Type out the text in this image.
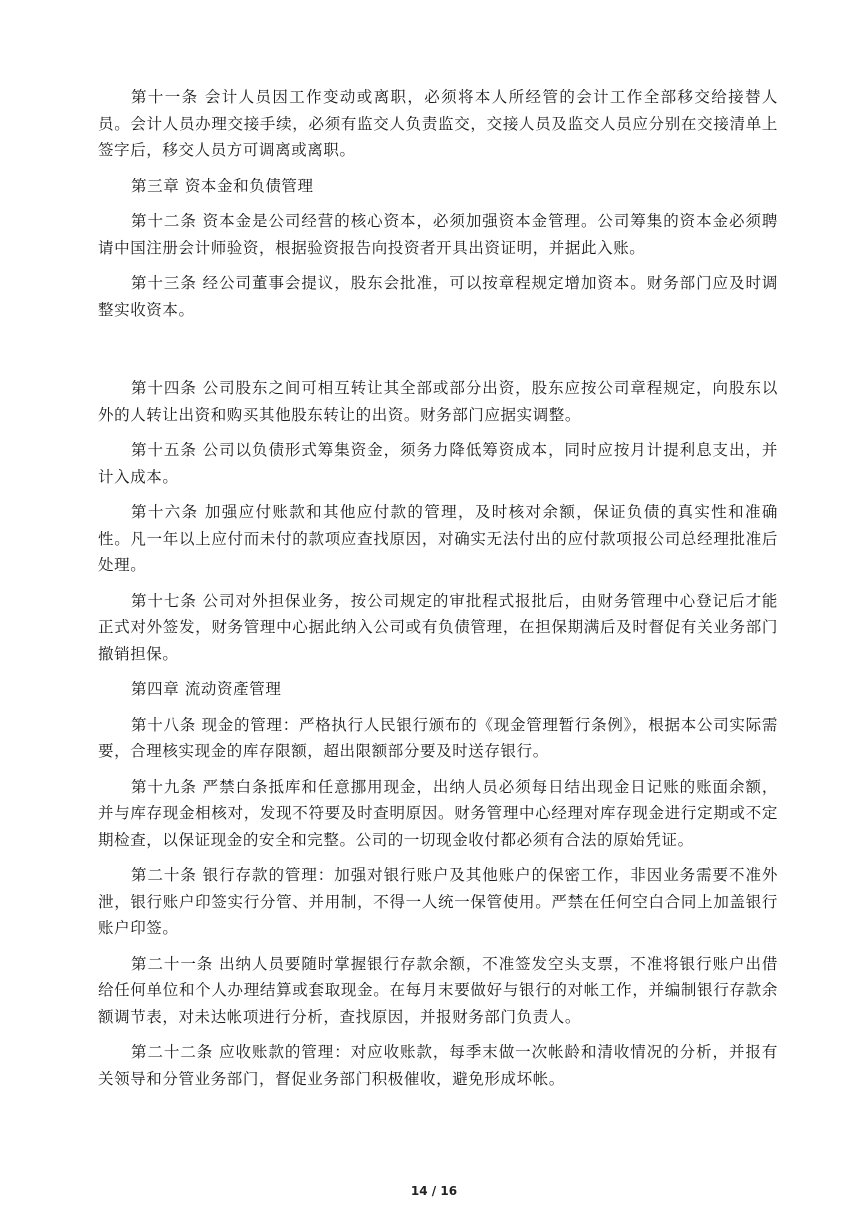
第十一条 会计人员因工作变动或离职，必须将本人所经管的会计工作全部移交给接替人员。会计人员办理交接手续，必须有监交人负责监交，交接人员及监交人员应分别在交接清单上签字后，移交人员方可调离或离职。

第三章 资本金和负债管理

第十二条 资本金是公司经营的核心资本，必须加强资本金管理。公司筹集的资本金必须聘请中国注册会计师验资，根据验资报告向投资者开具出资证明，并据此入账。

第十三条 经公司董事会提议，股东会批准，可以按章程规定增加资本。财务部门应及时调整实收资本。

第十四条 公司股东之间可相互转让其全部或部分出资，股东应按公司章程规定，向股东以外的人转让出资和购买其他股东转让的出资。财务部门应据实调整。

第十五条 公司以负债形式筹集资金，须务力降低筹资成本，同时应按月计提利息支出，并计入成本。

第十六条 加强应付账款和其他应付款的管理，及时核对余额，保证负债的真实性和准确性。凡一年以上应付而未付的款项应查找原因，对确实无法付出的应付款项报公司总经理批准后处理。

第十七条 公司对外担保业务，按公司规定的审批程式报批后，由财务管理中心登记后才能正式对外签发，财务管理中心据此纳入公司或有负债管理，在担保期满后及时督促有关业务部门撤销担保。

第四章 流动资產管理

第十八条 现金的管理：严格执行人民银行颁布的《现金管理暂行条例》，根据本公司实际需要，合理核实现金的库存限额，超出限额部分要及时送存银行。

第十九条 严禁白条抵库和任意挪用现金，出纳人员必须每日结出现金日记账的账面余额，并与库存现金相核对，发现不符要及时查明原因。财务管理中心经理对库存现金进行定期或不定期检查，以保证现金的安全和完整。公司的一切现金收付都必须有合法的原始凭证。

第二十条 银行存款的管理：加强对银行账户及其他账户的保密工作，非因业务需要不准外泄，银行账户印签实行分管、并用制，不得一人统一保管使用。严禁在任何空白合同上加盖银行账户印签。

第二十一条 出纳人员要随时掌握银行存款余额，不准签发空头支票，不准将银行账户出借给任何单位和个人办理结算或套取现金。在每月末要做好与银行的对帐工作，并编制银行存款余额调节表，对未达帐项进行分析，查找原因，并报财务部门负责人。

第二十二条 应收账款的管理：对应收账款，每季末做一次帐龄和清收情况的分析，并报有关领导和分管业务部门，督促业务部门积极催收，避免形成坏帐。

14 / 16
